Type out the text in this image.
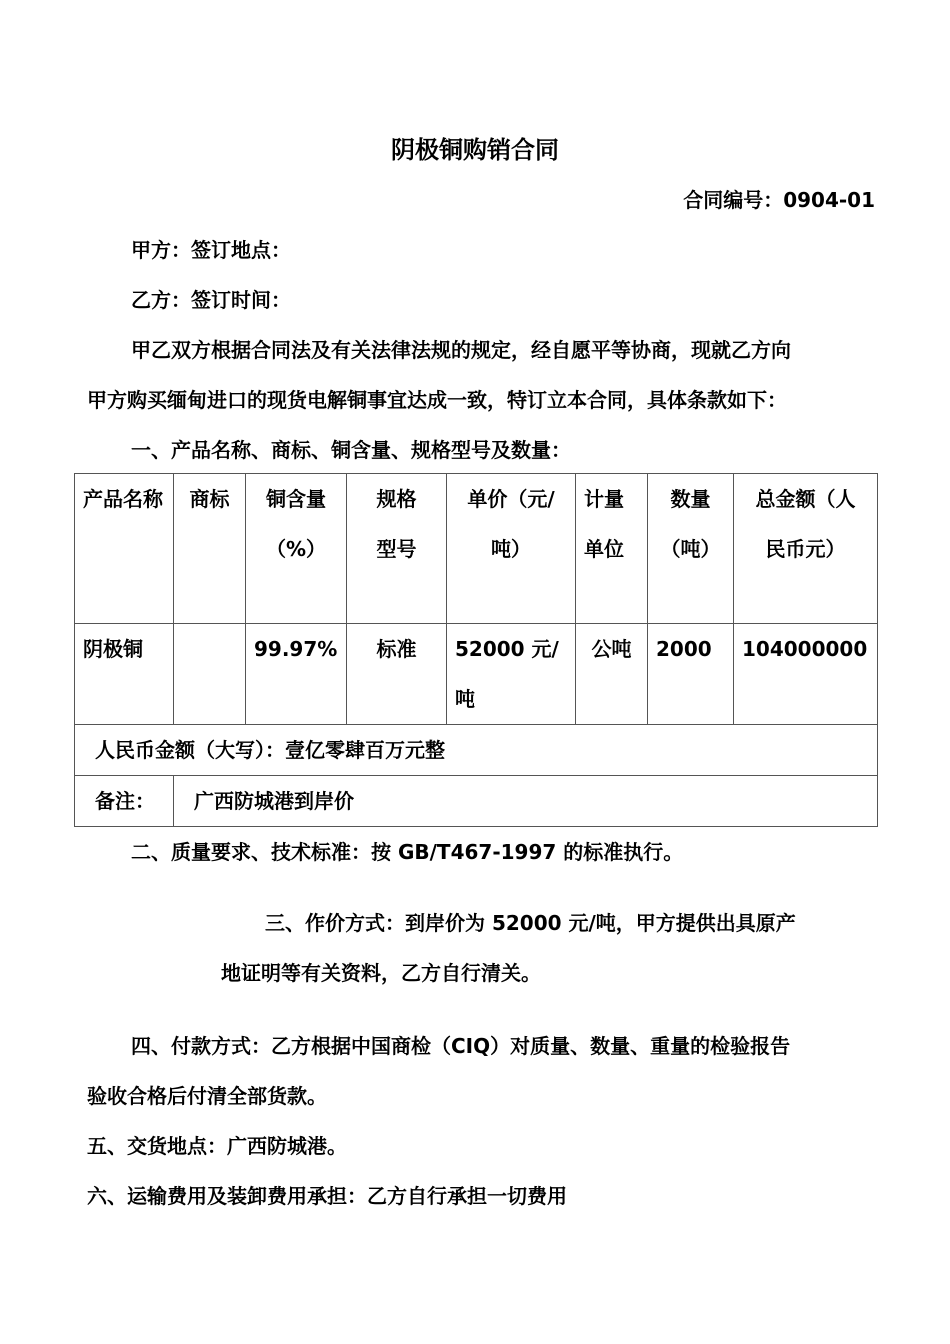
阴极铜购销合同
合同编号：0904-01
甲方：签订地点：
乙方：签订时间：
甲乙双方根据合同法及有关法律法规的规定，经自愿平等协商，现就乙方向
甲方购买缅甸进口的现货电解铜事宜达成一致，特订立本合同，具体条款如下：
一、产品名称、商标、铜含量、规格型号及数量：
产品名称	商标	铜含量（%）	规格型号	单价（元/吨）	计量单位	数量（吨）	总金额（人民币元）
阴极铜		99.97%	标准	52000 元/吨	公吨	2000	104000000
人民币金额（大写）：壹亿零肆百万元整							
备注：	广西防城港到岸价						
二、质量要求、技术标准：按 GB/T467-1997 的标准执行。
三、作价方式：到岸价为 52000 元/吨，甲方提供出具原产
地证明等有关资料，乙方自行清关。
四、付款方式：乙方根据中国商检（CIQ）对质量、数量、重量的检验报告
验收合格后付清全部货款。
五、交货地点：广西防城港。
六、运输费用及装卸费用承担：乙方自行承担一切费用
